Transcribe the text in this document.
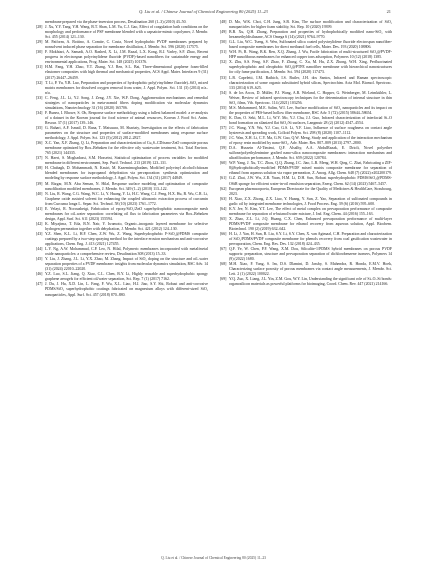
Q. Liu et al. / Chinese Journal of Chemical Engineering 80 (2025) 11–23	21
membrane prepared via the phase-inversion process, Desalination 260 (1–3) (2010) 43–50.
[28] J. Xu, Y.Y. Tang, Y.H. Wang, B.T. Shan, L.M. Yu, C.J. Gao, Effect of coagulation bath conditions on the morphology and performance of PSF membrane blended with a capsaicin-mimic copolymer, J. Membr. Sci. 455 (2014) 121–130.
[29] M. Paiform, A. Bottino, A. Comite, C. Costa, Novel hydrophobic PVDF membranes prepared by nonsolvent induced phase separation for membrane distillation, J. Membr. Sci. 596 (2020) 117575.
[30] F. Mokhtari, A. Samadi, A.O. Rashed, X. Li, J.M. Razal, L.X. Kong, R.J. Varley, S.F. Zhao, Recent progress in electrospun polyvinylidene fluoride (PVDF)-based nanofibers for sustainable energy and environmental applications, Prog. Mater. Sci. 148 (2025) 101376.
[31] H.M. Fang, Y.H. Zhao, Y.T. Zhang, Y.J. Ren, S.L. Bai, Three-dimensional graphene foam-filled elastomer composites with high thermal and mechanical properties, ACS Appl. Mater. Interfaces 9 (31) (2017) 26447–26459.
[32] T. Li, P. Yu, Y.B. Luo, Preparation and properties of hydrophobic poly(vinylidene fluoride)–SiO₂ mixed matrix membranes for dissolved oxygen removal from water, J. Appl. Polym. Sci. 131 (3) (2014) n/a–n/a.
[33] C. Feng, J.L. Li, Y.J. Song, J. Zeng, J.Y. Xie, W.F. Dong, Agglomeration mechanisms and remedial strategies of nanoparticles in meta-aramid fibers doping modification via molecular dynamics simulations, Nanotechnology 31 (16) (2020) 165706.
[34] F. Bunea, I. Bhowe, S. Oh, Response surface methodology using a fullest balanced model: a re-analysis of a dataset in the Korean journal for food science of animal resources, Korean J. Food Sci. Anim. Resour. 37 (1) (2017) 139–146.
[35] G. Bahari, A.F. Ismail, D. Rana, T. Matsuura, M. Shariaty, Investigation on the effects of fabrication parameters on the structure and properties of surface-modified membranes using response surface methodology, J. Appl. Polym. Sci. 123 (5) (2012) 2812–2827.
[36] X.C. Yan, X.F. Zhang, Q. Li, Preparation and characterization of Cu₂S–CD/nano-ZnO composite porous membrane optimized by Box–Behnken for the effective oily wastewater treatment, Sci. Total Environ. 765 (2021) 144335.
[37] N. Haeri, S. Moghadassi, S.M. Hosseini, Statistical optimization of process variables for modified membrane in different environment, Sep. Purif. Technol. 213 (2019) 123–131.
[38] H. Chabagh, D. Mohammadi, N. Kasiri, M. Kazemimoghadam, Modified polyvinyl alcohol/chitosan blended membranes for isopropanol dehydration via pervaporation: synthesis optimization and modeling by response surface methodology, J. Appl. Polym. Sci. 134 (31) (2017) 44849.
[39] M. Rizgar, M.N. Abu Seman, N. Hilal, Response surface modeling and optimization of composite nanofiltration modified membranes, J. Membr. Sci. 349 (1–2) (2010) 113–122.
[40] N. Liu, R. Wang, C.G. Wang, W.C. Li, Y. Huang, Y. Li, H.C. Wang, C.J. Peng, H.X. Hu, B. Wu, C.R. Li, Graphene oxide assisted solvent for enhancing the coupled ultrasonic extraction process of curcumin from Curcuma longa L. Separ. Sci. Technol. 58 (10) (2023) 1761–1772.
[41] E. Velayi, R. Norouzbeigi, Fabrication of epoxy/SiO₂/ZnO superhydrophobic nanocomposite mesh membranes for oil–water separation: correlating oil flux to fabrication parameters via Box–Behnken design, Appl. Surf. Sci. 611 (2023) 155594.
[42] K. Miyajima, T. Eda, B.N. Nair, Y. Iwamoto, Organic–inorganic layered membrane for selective hydrogen permeation together with dehydration, J. Membr. Sci. 421 (2012) 124–130.
[43] Y.Z. Shen, K.L. Li, H.F. Chen, Z.W. Wu, Z. Wang, Superhydrophobic F-SiO₂@PDMS composite coatings prepared by a two-step spraying method for the interface erosion mechanism and anti-corrosive applications, Chem. Eng. J. 413 (2021) 127455.
[44] L.Y. Ng, A.W. Mohammad, C.P. Leo, N. Hilal, Polymeric membranes incorporated with metal/metal oxide nanoparticles: a comprehensive review, Desalination 308 (2013) 15–33.
[45] Y. Liu, J. Zhang, J.L. Li, Y.X. Zhao, M. Zhang, Impact of SiO₂ doping on the structure and oil–water separation properties of a PVDF membrane: insights from molecular dynamics simulation, RSC Adv. 14 (31) (2024) 22010–22020.
[46] Y.Z. Luo, S.L. Jiang, Q. Xiao, C.L. Chen, B.Y. Li, Highly reusable and superhydrophobic spongy graphene aerogels for efficient oil/water separation, Sci. Rep. 7 (1) (2017) 7162.
[47] J. Du, J. Hu, X.D. Lin, L. Fang, F. Wu, X.L. Liao, H.J. Jiao, S.Y. Shi, Robust and anti-corrosive PDMS/SiO₂ superhydrophobic coatings fabricated on magnesium alloys with different-sized SiO₂ nanoparticles, Appl. Surf. Sci. 457 (2018) 870–880.
[48] D. Mo, W.K. Choi, C.H. Jung, S.B. Kim, The surface modification and characterization of SiO₂ nanoparticles for higher foam stability, Sci. Rep. 10 (2020) 19399.
[49] B.B. Xu, Q.H. Zhang, Preparation and properties of hydrophobically modified nano-SiO₂ with hexamethyldisilazane, ACS Omega 6 (14) (2021) 9764–9770.
[50] G.L. Liu, W.C. Tseng, S. Wen, Sulfonated silica coated polyvinylidene fluoride electrospun nanofiber-based composite membranes for direct methanol fuel cells, Mater. Des. 193 (2020) 108806.
[51] W.H. Pi, R. Wang, B.K. Ren, X.Q. Zhang, J. Wu, Facile fabrication of multi-structured SiO₂@PVDF-HFP nanofibrous membranes for enhanced copper ions adsorption, Polymers 10 (12) (2018) 1385.
[52] X. Zhu, S.S. Feng, S.F. Zhao, F. Zhang, C. Xu, M. Hu, Z.X. Zhong, W.H. Xing, Perfluorinated superhydrophobic and oleophobic SiO₂@PTFE nanofiber membrane with hierarchical nanostructures for oily fume purification, J. Membr. Sci. 594 (2020) 117473.
[53] L.B. Capeletti, I.M. Baibich, I.S. Butler, J.H. dos Santos, Infrared and Raman spectroscopic characterization of some organic substituted hybrid silicas, Spectrochim. Acta Mol. Biomol. Spectrosc. 133 (2014) 619–625.
[54] S. de los Arcos, D. Müller, P.J. Wang, A.R. Wieland, C. Hopper, G. Weinberger, M. Leimkühler, L. Weiser, Review of infrared spectroscopy techniques for the determination of internal structure in thin SiO₂ films, Vib. Spectrosc. 114 (2021) 103256.
[55] M.S. Mohammed, M.E. Salim, W.I. Lee, Surface modification of SiO₂ nanoparticles and its impact on the properties of PES-based hollow fiber membrane, RSC Adv. 5 (72) (2015) 58644–58654.
[56] K. Dan, O. Seki, M.L. Li, W.Y. Mo, Y.J. Chu, J.J. Guo, Infrared characterization of interfacial Si–O bond formation on silanized flat SiO₂/Si surfaces, Langmuir 28 (2) (2012) 4547–4554.
[57] J.C. Wang, Y.N. Wu, Y.J. Cao, G.S. Li, Y.F. Liao, Influence of surface roughness on contact angle hysteresis and spreading work, Colloid Polym. Sci. 298 (8) (2020) 1107–1112.
[58] J.C. Wan, X.H. Li, C.Y. Ma, G.W. Gao, Q.W. Meng, Study and application of the interaction mechanism of epoxy resin modified by nano-SiO₂, Adv. Mater. Res. 807–809 (2013) 2797–2800.
[59] D.A. Hussein Al-Timimi, Q.F. Alsalhy, A.A. AbdulRazak, E. Drioli, Novel polyether sulfone/polyethylenimine grafted nano-silica nanocomposite membranes: interaction mechanism and ultrafiltration performance, J. Membr. Sci. 659 (2022) 120784.
[60] W.P. Yang, J. Xu, T.C. Zhou, Q.Q. Zhang, J.C. Jiao, L.R. Meng, W.H. Qing, C. Zhai, Fabricating a ZIF-8@hydrophobically-modified PDMS/PVDF mixed matrix composite membrane for separation of ethanol from aqueous solution via vapor permeation, Z. Anorg. Allg. Chem. 648 (7) (2022) e202200179.
[61] G.Z. Zhai, J.W. Wu, Z.R. Yuan, H.M. Li, D.H. Sun, Robust superhydrophobic PDMS/SiO₂@PDMS-OSiR sponge for efficient water-in-oil emulsion separation, Energ. Chem. 62 (14) (2023) 5467–5457.
[62] European pharmacopoeia, European Directorate for the Quality of Medicines & HealthCare, Strasbourg, 2023.
[63] H. Xiao, Z.X. Zhong, Z.X. Liao, Y. Huang, Y. Sun, Z. Yao, Separation of sulfonated compounds in garlic oil by integrated membrane technologies, J. Food Process. Eng. 39 (6) (2016) 595–600.
[64] K.Y. Jee, N. Kim, Y.T. Lee, The effect of metal complex on pervaporation performance of composite membrane for separation of n-butanol/water mixture, J. Ind. Eng. Chem. 44 (2016) 155–163.
[65] X. Zhao, Z.L. Li, J.Q. Huang, C.X. Chen, Enhanced pervaporation performance of multi-layer PDMS/PVDF composite membrane for ethanol recovery from aqueous solution, Appl. Biochem. Biotechnol. 190 (2) (2019) 632–642.
[66] H. Li, J. Yan, H. Sun, B. Liu, S.Y. Li, S.Y. Chen, X. van Agtmaal, C.H. Preparation and characterization of SiO₂/PDMS/PVDF composite membrane for phenols recovery from coal gasification wastewater in pervaporation, Chem. Eng. Res. Des. 132 (2018) 424–435.
[67] Q.F. Ye, W. Chen, P.F. Wang, X.M. Dou, Silicalite-1/PDMS hybrid membranes on porous PVDF supports: preparation, structure and pervaporation separation of dichlorobenzene isomers, Polymers 14 (9) (2022) 1680.
[68] M.H. Xiao, F. Yang, S. Im, D.S. Dlamini, D. Jassby, S. Mahendra, R. Honda, E.M.V. Hoek, Characterizing surface porosity of porous membranes via contact angle measurements, J. Membr. Sci. Lett. 2 (1) (2022) 100022.
[69] Y.Q. Zuo, X. Liang, J.L. Yin, Z.M. Gou, W.Y. Lin, Understanding the significant role of Si–O–Si bonds: organosilicon materials as powerful platforms for bioimaging, Coord. Chem. Rev. 447 (2021) 214166.
Q. Liu et al. / Chinese Journal of Chemical Engineering 80 (2025) 11–23
